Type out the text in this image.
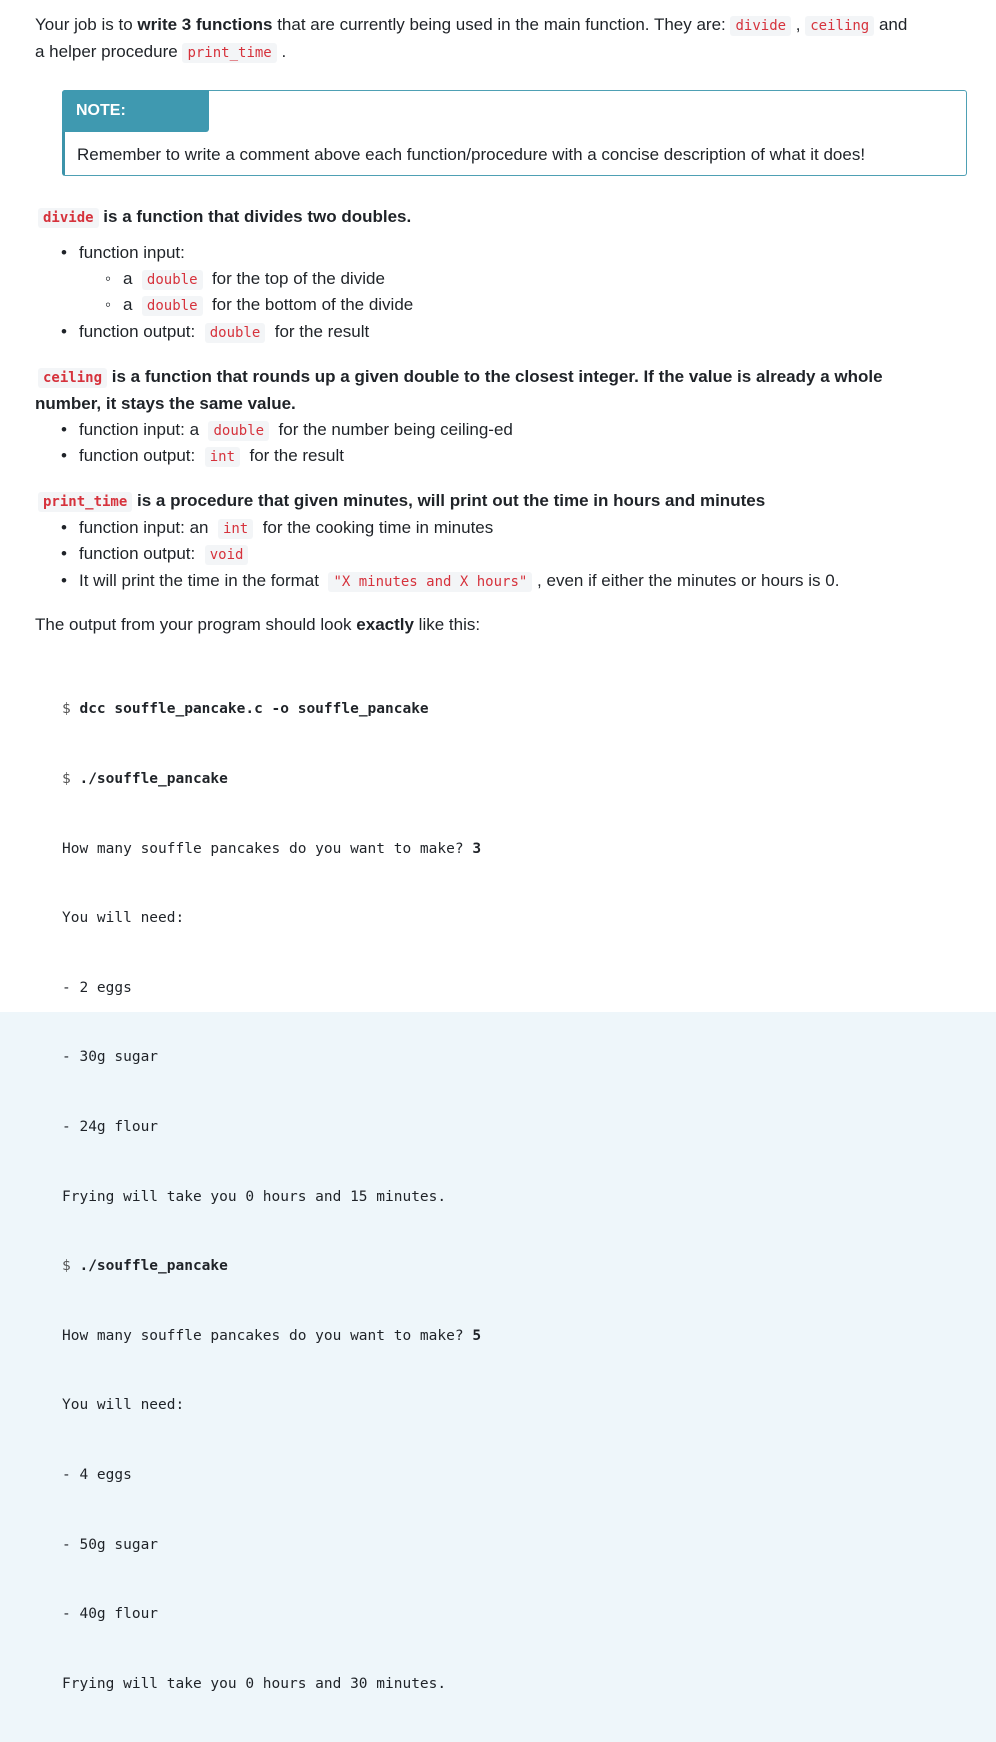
Your job is to write 3 functions that are currently being used in the main function. They are: divide , ceiling and
a helper procedure print_time .
NOTE:
Remember to write a comment above each function/procedure with a concise description of what it does!
divide is a function that divides two doubles.
• function input:
◦ a double for the top of the divide
◦ a double for the bottom of the divide
• function output: double for the result
ceiling is a function that rounds up a given double to the closest integer. If the value is already a whole
number, it stays the same value.
• function input: a double for the number being ceiling-ed
• function output: int for the result
print_time is a procedure that given minutes, will print out the time in hours and minutes
• function input: an int for the cooking time in minutes
• function output: void
• It will print the time in the format "X minutes and X hours" , even if either the minutes or hours is 0.
The output from your program should look exactly like this:

$ dcc souffle_pancake.c -o souffle_pancake

$ ./souffle_pancake

How many souffle pancakes do you want to make? 3

You will need:

- 2 eggs

- 30g sugar

- 24g flour

Frying will take you 0 hours and 15 minutes.

$ ./souffle_pancake

How many souffle pancakes do you want to make? 5

You will need:

- 4 eggs

- 50g sugar

- 40g flour

Frying will take you 0 hours and 30 minutes.
